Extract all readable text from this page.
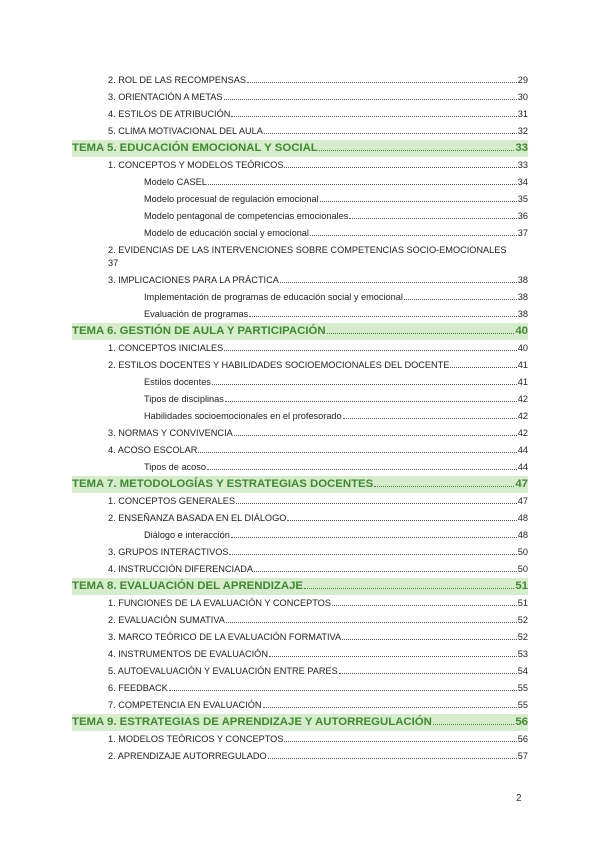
2. ROL DE LAS RECOMPENSAS	29
3. ORIENTACIÓN A METAS	30
4. ESTILOS DE ATRIBUCIÓN	31
5. CLIMA MOTIVACIONAL DEL AULA	32
TEMA 5. EDUCACIÓN EMOCIONAL Y SOCIAL	33
1. CONCEPTOS Y MODELOS TEÓRICOS	33
Modelo CASEL	34
Modelo procesual de regulación emocional	35
Modelo pentagonal de competencias emocionales	36
Modelo de educación social y emocional	37
2. EVIDENCIAS DE LAS INTERVENCIONES SOBRE COMPETENCIAS SOCIO-EMOCIONALES
37
3. IMPLICACIONES PARA LA PRÁCTICA	38
Implementación de programas de educación social y emocional	38
Evaluación de programas	38
TEMA 6. GESTIÓN DE AULA Y PARTICIPACIÓN	40
1. CONCEPTOS INICIALES	40
2. ESTILOS DOCENTES Y HABILIDADES SOCIOEMOCIONALES DEL DOCENTE	41
Estilos docentes	41
Tipos de disciplinas	42
Habilidades socioemocionales en el profesorado	42
3. NORMAS Y CONVIVENCIA	42
4. ACOSO ESCOLAR	44
Tipos de acoso	44
TEMA 7. METODOLOGÍAS Y ESTRATEGIAS DOCENTES	47
1. CONCEPTOS GENERALES	47
2. ENSEÑANZA BASADA EN EL DIÁLOGO	48
Diálogo e interacción	48
3. GRUPOS INTERACTIVOS	50
4. INSTRUCCIÓN DIFERENCIADA	50
TEMA 8. EVALUACIÓN DEL APRENDIZAJE	51
1. FUNCIONES DE LA EVALUACIÓN Y CONCEPTOS	51
2. EVALUACIÓN SUMATIVA	52
3. MARCO TEÓRICO DE LA EVALUACIÓN FORMATIVA	52
4. INSTRUMENTOS DE EVALUACIÓN	53
5. AUTOEVALUACIÓN Y EVALUACIÓN ENTRE PARES	54
6. FEEDBACK	55
7. COMPETENCIA EN EVALUACIÓN	55
TEMA 9. ESTRATEGIAS DE APRENDIZAJE Y AUTORREGULACIÓN	56
1. MODELOS TEÓRICOS Y CONCEPTOS	56
2. APRENDIZAJE AUTORREGULADO	57
2
